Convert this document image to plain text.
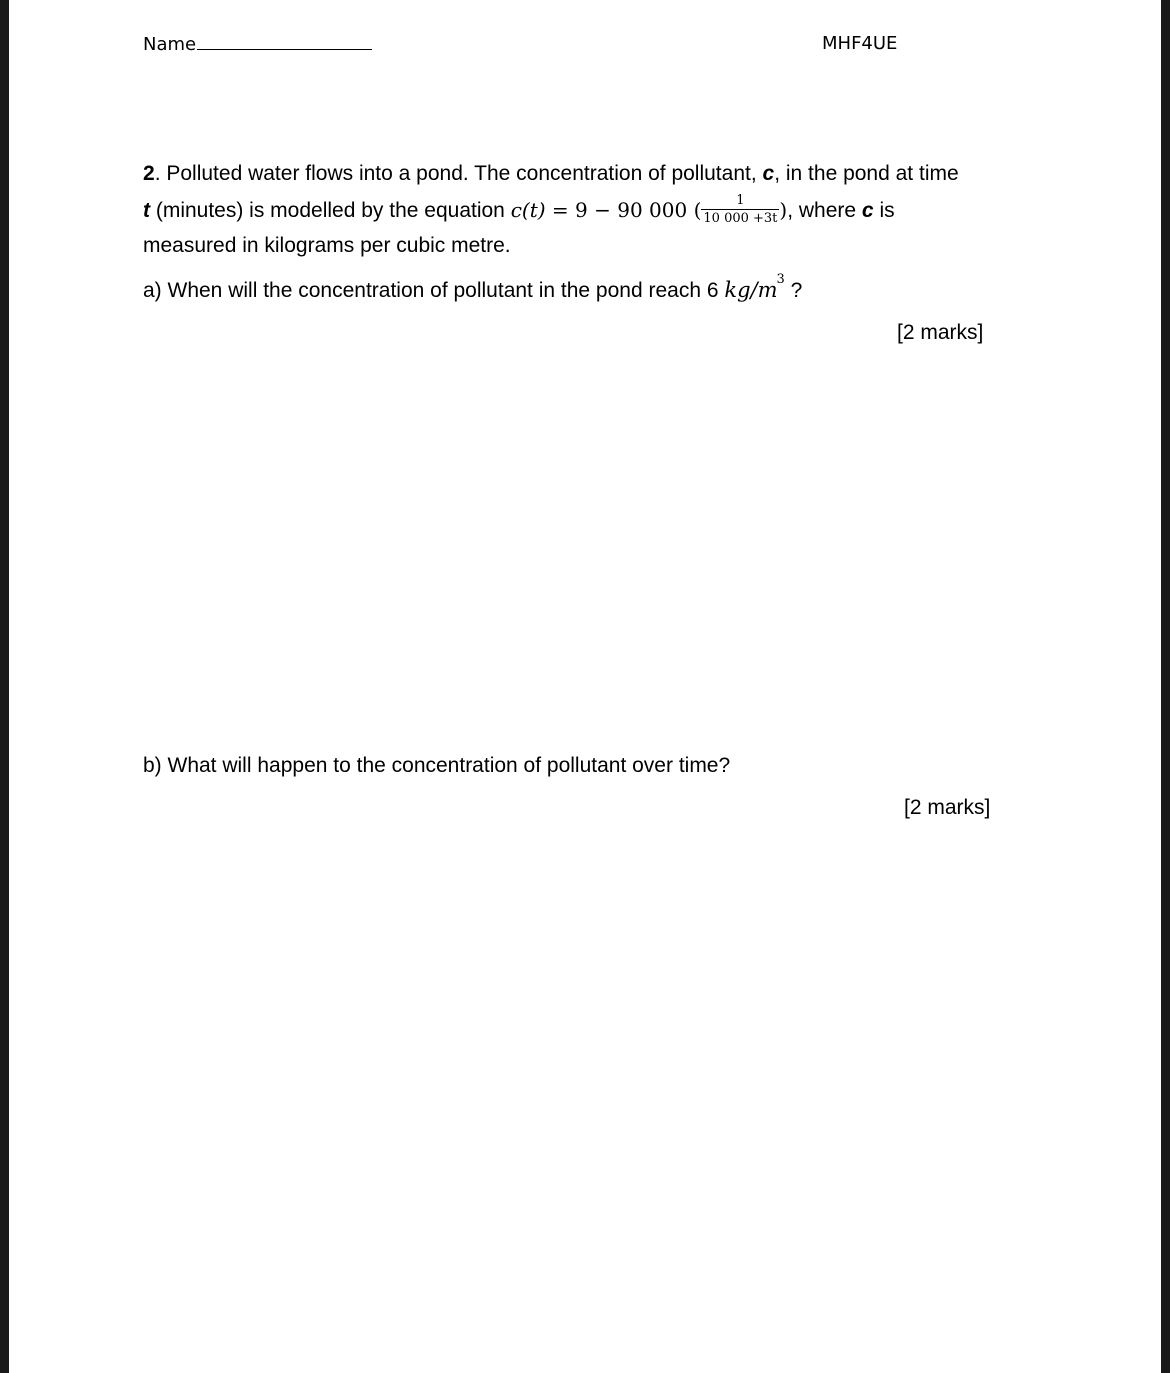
Name	MHF4UE
2. Polluted water flows into a pond. The concentration of pollutant, c, in the pond at time
t (minutes) is modelled by the equation c(t) = 9 − 90 000 ( $\frac{1}{10 000 +3t}$ ), where c is
measured in kilograms per cubic metre.
a) When will the concentration of pollutant in the pond reach 6 $kg/m^3$ ?
[2 marks]
b) What will happen to the concentration of pollutant over time?
[2 marks]
